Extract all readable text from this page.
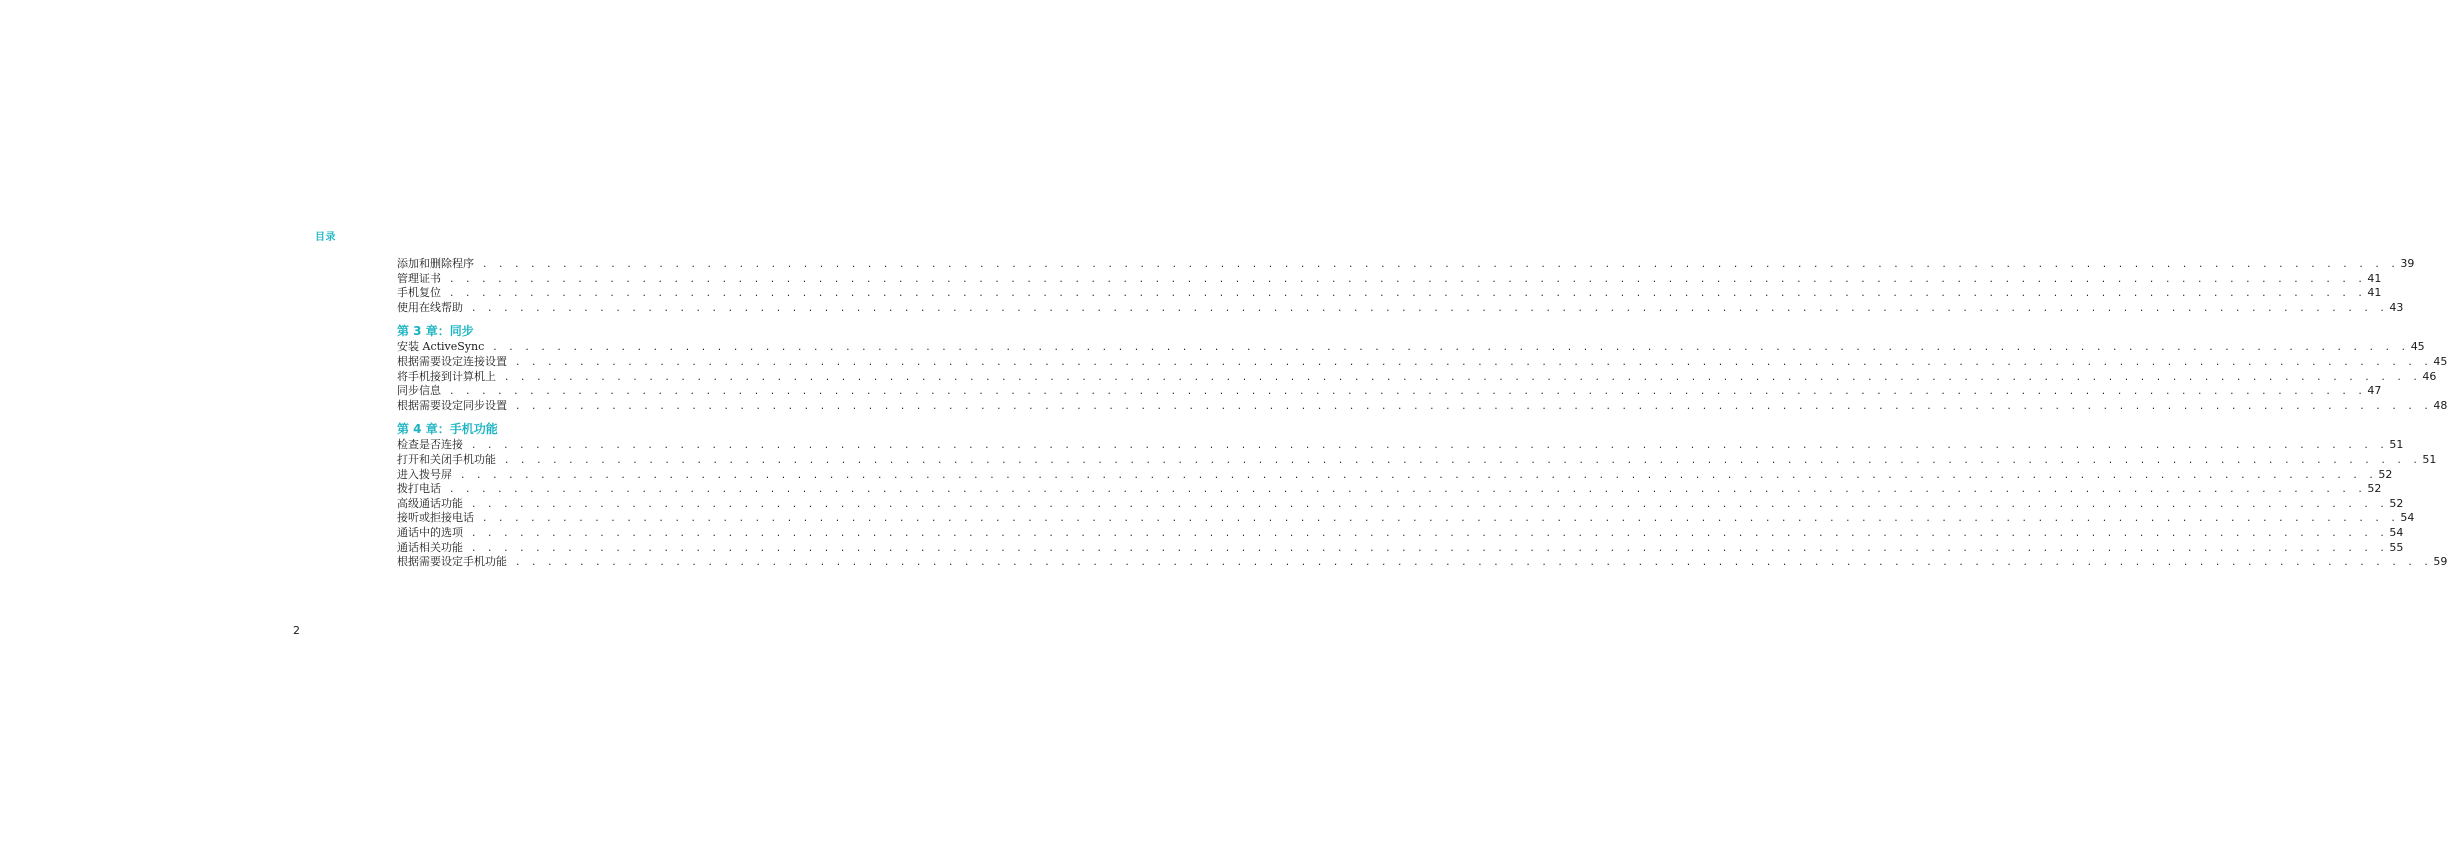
目录
添加和删除程序 . . . . . . . . . . . . . . . . . . . . . . . . . . . . . . . . . . . . . . . . . . . . . . . . . . . . . . . . . . . . . . . . . . . . . . . . . . . . . . . . . . . . . . . . . . . . . . . . . . . . . . . . . . . . . . . . . . . . . . . . 39
管理证书 . . . . . . . . . . . . . . . . . . . . . . . . . . . . . . . . . . . . . . . . . . . . . . . . . . . . . . . . . . . . . . . . . . . . . . . . . . . . . . . . . . . . . . . . . . . . . . . . . . . . . . . . . . . . . . . . . . . . . . . . 41
手机复位 . . . . . . . . . . . . . . . . . . . . . . . . . . . . . . . . . . . . . . . . . . . . . . . . . . . . . . . . . . . . . . . . . . . . . . . . . . . . . . . . . . . . . . . . . . . . . . . . . . . . . . . . . . . . . . . . . . . . . . . . 41
使用在线帮助 . . . . . . . . . . . . . . . . . . . . . . . . . . . . . . . . . . . . . . . . . . . . . . . . . . . . . . . . . . . . . . . . . . . . . . . . . . . . . . . . . . . . . . . . . . . . . . . . . . . . . . . . . . . . . . . . . . . . . . . . 43
第 3 章：同步
安装 ActiveSync . . . . . . . . . . . . . . . . . . . . . . . . . . . . . . . . . . . . . . . . . . . . . . . . . . . . . . . . . . . . . . . . . . . . . . . . . . . . . . . . . . . . . . . . . . . . . . . . . . . . . . . . . . . . . . . . . . . . . . . . 45
根据需要设定连接设置 . . . . . . . . . . . . . . . . . . . . . . . . . . . . . . . . . . . . . . . . . . . . . . . . . . . . . . . . . . . . . . . . . . . . . . . . . . . . . . . . . . . . . . . . . . . . . . . . . . . . . . . . . . . . . . . . . . . . . . . . 45
将手机接到计算机上 . . . . . . . . . . . . . . . . . . . . . . . . . . . . . . . . . . . . . . . . . . . . . . . . . . . . . . . . . . . . . . . . . . . . . . . . . . . . . . . . . . . . . . . . . . . . . . . . . . . . . . . . . . . . . . . . . . . . . . . . 46
同步信息 . . . . . . . . . . . . . . . . . . . . . . . . . . . . . . . . . . . . . . . . . . . . . . . . . . . . . . . . . . . . . . . . . . . . . . . . . . . . . . . . . . . . . . . . . . . . . . . . . . . . . . . . . . . . . . . . . . . . . . . . 47
根据需要设定同步设置 . . . . . . . . . . . . . . . . . . . . . . . . . . . . . . . . . . . . . . . . . . . . . . . . . . . . . . . . . . . . . . . . . . . . . . . . . . . . . . . . . . . . . . . . . . . . . . . . . . . . . . . . . . . . . . . . . . . . . . . . 48
第 4 章：手机功能
检查是否连接 . . . . . . . . . . . . . . . . . . . . . . . . . . . . . . . . . . . . . . . . . . . . . . . . . . . . . . . . . . . . . . . . . . . . . . . . . . . . . . . . . . . . . . . . . . . . . . . . . . . . . . . . . . . . . . . . . . . . . . . . 51
打开和关闭手机功能 . . . . . . . . . . . . . . . . . . . . . . . . . . . . . . . . . . . . . . . . . . . . . . . . . . . . . . . . . . . . . . . . . . . . . . . . . . . . . . . . . . . . . . . . . . . . . . . . . . . . . . . . . . . . . . . . . . . . . . . . 51
进入拨号屏 . . . . . . . . . . . . . . . . . . . . . . . . . . . . . . . . . . . . . . . . . . . . . . . . . . . . . . . . . . . . . . . . . . . . . . . . . . . . . . . . . . . . . . . . . . . . . . . . . . . . . . . . . . . . . . . . . . . . . . . . 52
拨打电话 . . . . . . . . . . . . . . . . . . . . . . . . . . . . . . . . . . . . . . . . . . . . . . . . . . . . . . . . . . . . . . . . . . . . . . . . . . . . . . . . . . . . . . . . . . . . . . . . . . . . . . . . . . . . . . . . . . . . . . . . 52
高级通话功能 . . . . . . . . . . . . . . . . . . . . . . . . . . . . . . . . . . . . . . . . . . . . . . . . . . . . . . . . . . . . . . . . . . . . . . . . . . . . . . . . . . . . . . . . . . . . . . . . . . . . . . . . . . . . . . . . . . . . . . . . 52
接听或拒接电话 . . . . . . . . . . . . . . . . . . . . . . . . . . . . . . . . . . . . . . . . . . . . . . . . . . . . . . . . . . . . . . . . . . . . . . . . . . . . . . . . . . . . . . . . . . . . . . . . . . . . . . . . . . . . . . . . . . . . . . . . 54
通话中的选项 . . . . . . . . . . . . . . . . . . . . . . . . . . . . . . . . . . . . . . . . . . . . . . . . . . . . . . . . . . . . . . . . . . . . . . . . . . . . . . . . . . . . . . . . . . . . . . . . . . . . . . . . . . . . . . . . . . . . . . . . 54
通话相关功能 . . . . . . . . . . . . . . . . . . . . . . . . . . . . . . . . . . . . . . . . . . . . . . . . . . . . . . . . . . . . . . . . . . . . . . . . . . . . . . . . . . . . . . . . . . . . . . . . . . . . . . . . . . . . . . . . . . . . . . . . 55
根据需要设定手机功能 . . . . . . . . . . . . . . . . . . . . . . . . . . . . . . . . . . . . . . . . . . . . . . . . . . . . . . . . . . . . . . . . . . . . . . . . . . . . . . . . . . . . . . . . . . . . . . . . . . . . . . . . . . . . . . . . . . . . . . . . 59
2
